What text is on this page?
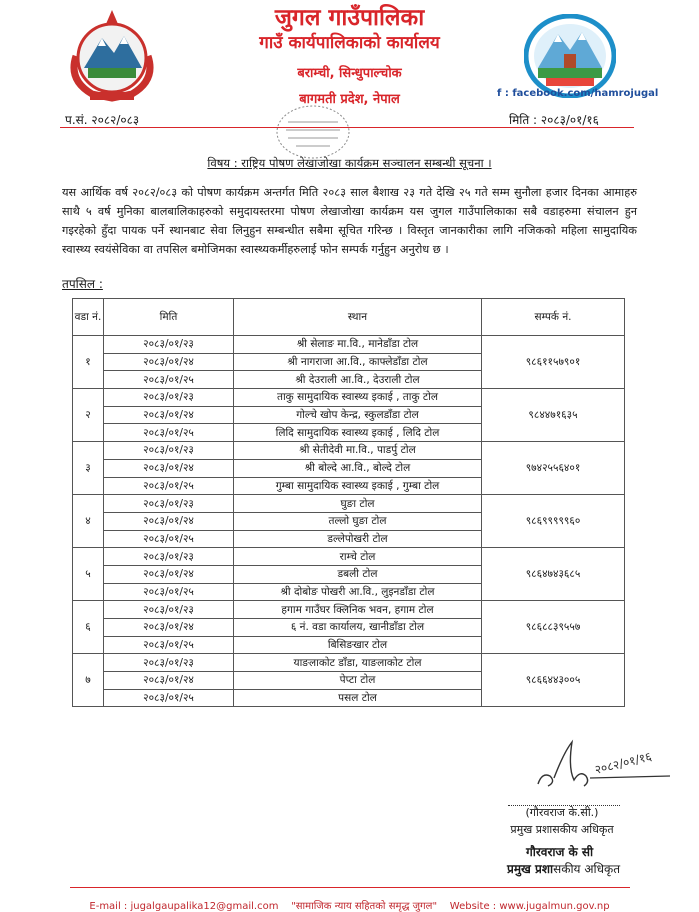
जुगल गाउँपालिका
गाउँ कार्यपालिकाको कार्यालय
बराम्ची, सिन्धुपाल्चोक
बागमती प्रदेश, नेपाल	f : facebook.com/hamrojugal
प.सं. २०८२/०८३	मिति : २०८३/०१/१६
विषय : राष्ट्रिय पोषण लेखाजोखा कार्यक्रम सञ्चालन सम्बन्धी सूचना ।
यस आर्थिक वर्ष २०८२/०८३ को पोषण कार्यक्रम अन्तर्गत मिति २०८३ साल बैशाख २३ गते देखि २५ गते सम्म सुनौला हजार दिनका आमाहरु साथै ५ वर्ष मुनिका बालबालिकाहरुको समुदायस्तरमा पोषण लेखाजोखा कार्यक्रम यस जुगल गाउँपालिकाका सबै वडाहरुमा संचालन हुन गइरहेको हुँदा पायक पर्ने स्थानबाट सेवा लिनुहुन सम्बन्धीत सबैमा सूचित गरिन्छ । विस्तृत जानकारीका लागि नजिकको महिला सामुदायिक स्वास्थ्य स्वयंसेविका वा तपसिल बमोजिमका स्वास्थ्यकर्मीहरुलाई फोन सम्पर्क गर्नुहुन अनुरोध छ ।
तपसिल :
वडा नं.	मिति	स्थान	सम्पर्क नं.
१	२०८३/०१/२३	श्री सेलाङ मा.वि., मानेडाँडा टोल	९८६११५७९०१
	२०८३/०१/२४	श्री नागराजा आ.वि., काफ्लेडाँडा टोल	
	२०८३/०१/२५	श्री देउराली आ.वि., देउराली टोल	
२	२०८३/०१/२३	ताकु सामुदायिक स्वास्थ्य इकाई , ताकु टोल	९८४४७१६३५
	२०८३/०१/२४	गोल्चे खोप केन्द्र, स्कुलडाँडा टोल	
	२०८३/०१/२५	लिदि सामुदायिक स्वास्थ्य इकाई , लिदि टोल	
३	२०८३/०१/२३	श्री सेतीदेवी मा.वि., पाडर्पु टोल	९७४२५५६४०१
	२०८३/०१/२४	श्री बोल्दे आ.वि., बोल्दे टोल	
	२०८३/०१/२५	गुम्बा सामुदायिक स्वास्थ्य इकाई , गुम्बा टोल	
४	२०८३/०१/२३	घुङा टोल	९८६९९९९९६०
	२०८३/०१/२४	तल्लो घुङा टोल	
	२०८३/०१/२५	डल्लेपोखरी टोल	
५	२०८३/०१/२३	राम्चे टोल	९८६४७४३६८५
	२०८३/०१/२४	डबली टोल	
	२०८३/०१/२५	श्री दोबोङ पोखरी आ.वि., लुइनडाँडा टोल	
६	२०८३/०१/२३	हगाम गाउँघर क्लिनिक भवन, हगाम टोल	९८६८८३९५५७
	२०८३/०१/२४	६ नं. वडा कार्यालय, खानीडाँडा टोल	
	२०८३/०१/२५	बिसिङखार टोल	
७	२०८३/०१/२३	याङलाकोट डाँडा, याङलाकोट टोल	९८६६४४३००५
	२०८३/०१/२४	पेप्टा टोल	
	२०८३/०१/२५	पसल टोल	
२०८२/०१/१६
(गौरवराज के.सी.)
प्रमुख प्रशासकीय अधिकृत
गौरवराज के सी
प्रमुख प्रशासकीय अधिकृत
E-mail : jugalgaupalika12@gmail.com "सामाजिक न्याय सहितको समृद्ध जुगल" Website : www.jugalmun.gov.np
